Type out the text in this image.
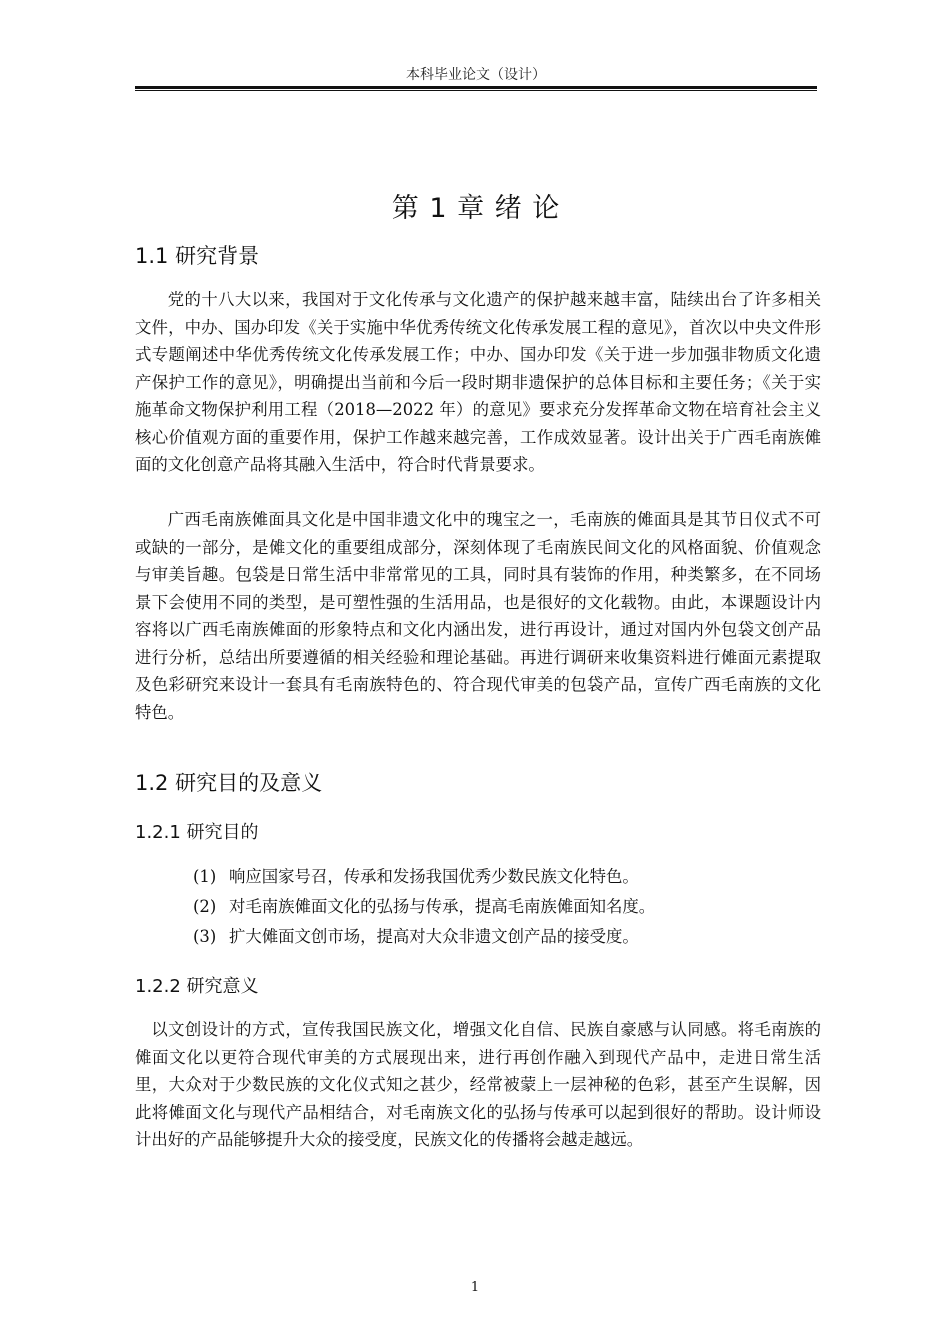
本科毕业论文（设计）
第 1 章 绪 论
1.1 研究背景

党的十八大以来，我国对于文化传承与文化遗产的保护越来越丰富，陆续出台了许多相关文件，中办、国办印发《关于实施中华优秀传统文化传承发展工程的意见》，首次以中央文件形式专题阐述中华优秀传统文化传承发展工作；中办、国办印发《关于进一步加强非物质文化遗产保护工作的意见》，明确提出当前和今后一段时期非遗保护的总体目标和主要任务；《关于实施革命文物保护利用工程（2018—2022 年）的意见》要求充分发挥革命文物在培育社会主义核心价值观方面的重要作用，保护工作越来越完善，工作成效显著。设计出关于广西毛南族傩面的文化创意产品将其融入生活中，符合时代背景要求。

广西毛南族傩面具文化是中国非遗文化中的瑰宝之一，毛南族的傩面具是其节日仪式不可或缺的一部分，是傩文化的重要组成部分，深刻体现了毛南族民间文化的风格面貌、价值观念与审美旨趣。包袋是日常生活中非常常见的工具，同时具有装饰的作用，种类繁多，在不同场景下会使用不同的类型，是可塑性强的生活用品，也是很好的文化载物。由此，本课题设计内容将以广西毛南族傩面的形象特点和文化内涵出发，进行再设计，通过对国内外包袋文创产品进行分析，总结出所要遵循的相关经验和理论基础。再进行调研来收集资料进行傩面元素提取及色彩研究来设计一套具有毛南族特色的、符合现代审美的包袋产品，宣传广西毛南族的文化特色。

1.2 研究目的及意义
1.2.1 研究目的
(1) 响应国家号召，传承和发扬我国优秀少数民族文化特色。
(2) 对毛南族傩面文化的弘扬与传承，提高毛南族傩面知名度。
(3) 扩大傩面文创市场，提高对大众非遗文创产品的接受度。
1.2.2 研究意义

以文创设计的方式，宣传我国民族文化，增强文化自信、民族自豪感与认同感。将毛南族的傩面文化以更符合现代审美的方式展现出来，进行再创作融入到现代产品中，走进日常生活里，大众对于少数民族的文化仪式知之甚少，经常被蒙上一层神秘的色彩，甚至产生误解，因此将傩面文化与现代产品相结合，对毛南族文化的弘扬与传承可以起到很好的帮助。设计师设计出好的产品能够提升大众的接受度，民族文化的传播将会越走越远。

1
